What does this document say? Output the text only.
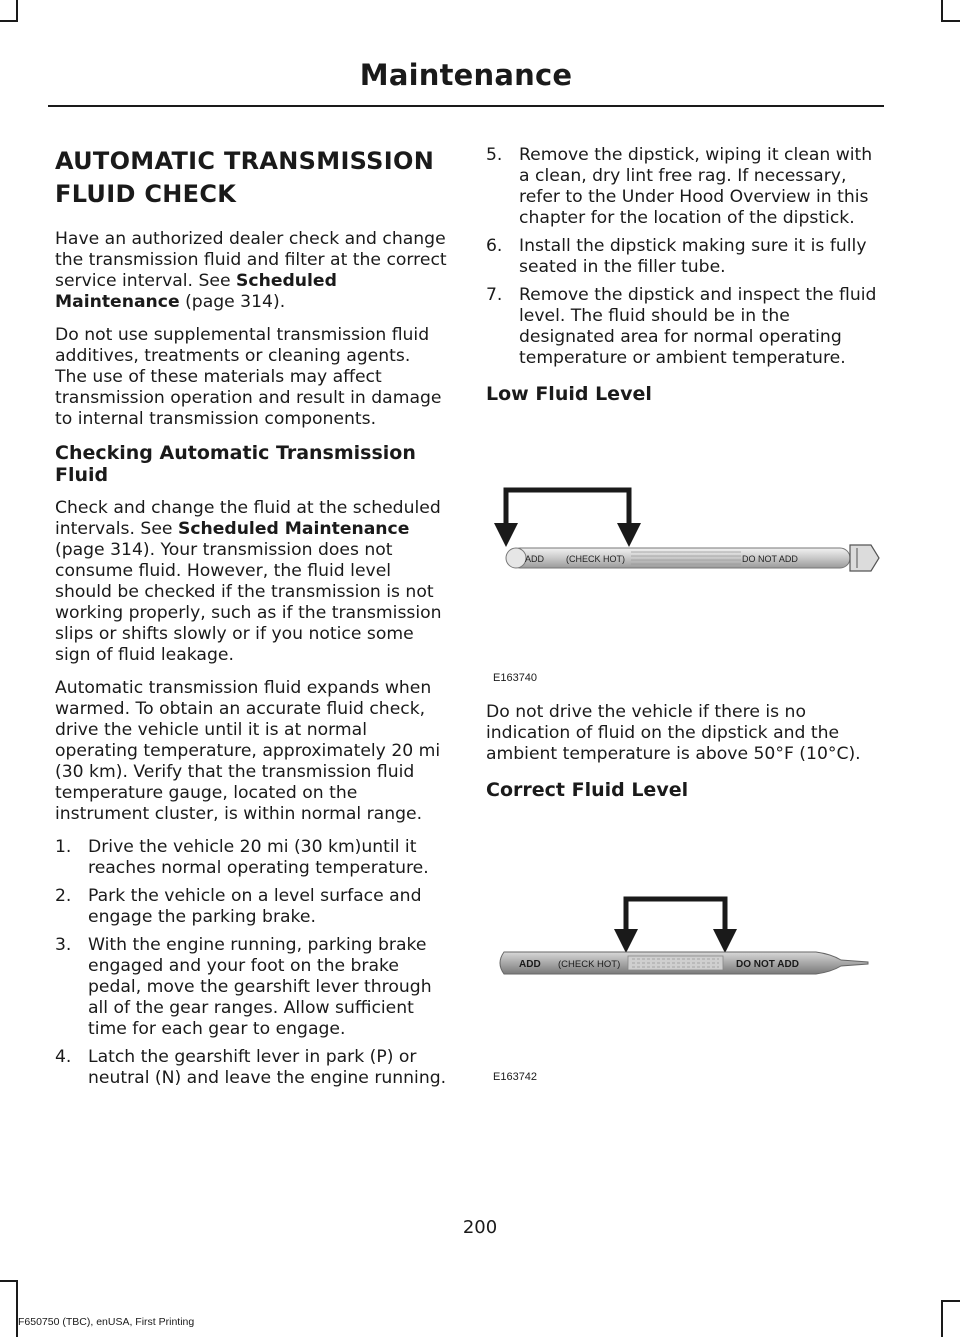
Maintenance
AUTOMATIC TRANSMISSION
FLUID CHECK

Have an authorized dealer check and change the transmission fluid and filter at the correct service interval. See Scheduled Maintenance (page 314).

Do not use supplemental transmission fluid additives, treatments or cleaning agents. The use of these materials may affect transmission operation and result in damage to internal transmission components.

Checking Automatic Transmission Fluid

Check and change the fluid at the scheduled intervals. See Scheduled Maintenance (page 314). Your transmission does not consume fluid. However, the fluid level should be checked if the transmission is not working properly, such as if the transmission slips or shifts slowly or if you notice some sign of fluid leakage.

Automatic transmission fluid expands when warmed. To obtain an accurate fluid check, drive the vehicle until it is at normal operating temperature, approximately 20 mi (30 km). Verify that the transmission fluid temperature gauge, located on the instrument cluster, is within normal range.

1. Drive the vehicle 20 mi (30 km)until it reaches normal operating temperature.
2. Park the vehicle on a level surface and engage the parking brake.
3. With the engine running, parking brake engaged and your foot on the brake pedal, move the gearshift lever through all of the gear ranges. Allow sufficient time for each gear to engage.
4. Latch the gearshift lever in park (P) or neutral (N) and leave the engine running.
5. Remove the dipstick, wiping it clean with a clean, dry lint free rag. If necessary, refer to the Under Hood Overview in this chapter for the location of the dipstick.
6. Install the dipstick making sure it is fully seated in the filler tube.
7. Remove the dipstick and inspect the fluid level. The fluid should be in the designated area for normal operating temperature or ambient temperature.
Low Fluid Level
ADD (CHECK HOT)	DO NOT ADD
E163740

Do not drive the vehicle if there is no indication of fluid on the dipstick and the ambient temperature is above 50°F (10°C).

Correct Fluid Level
ADD (CHECK HOT)	DO NOT ADD
E163742
200
F650750 (TBC), enUSA, First Printing
